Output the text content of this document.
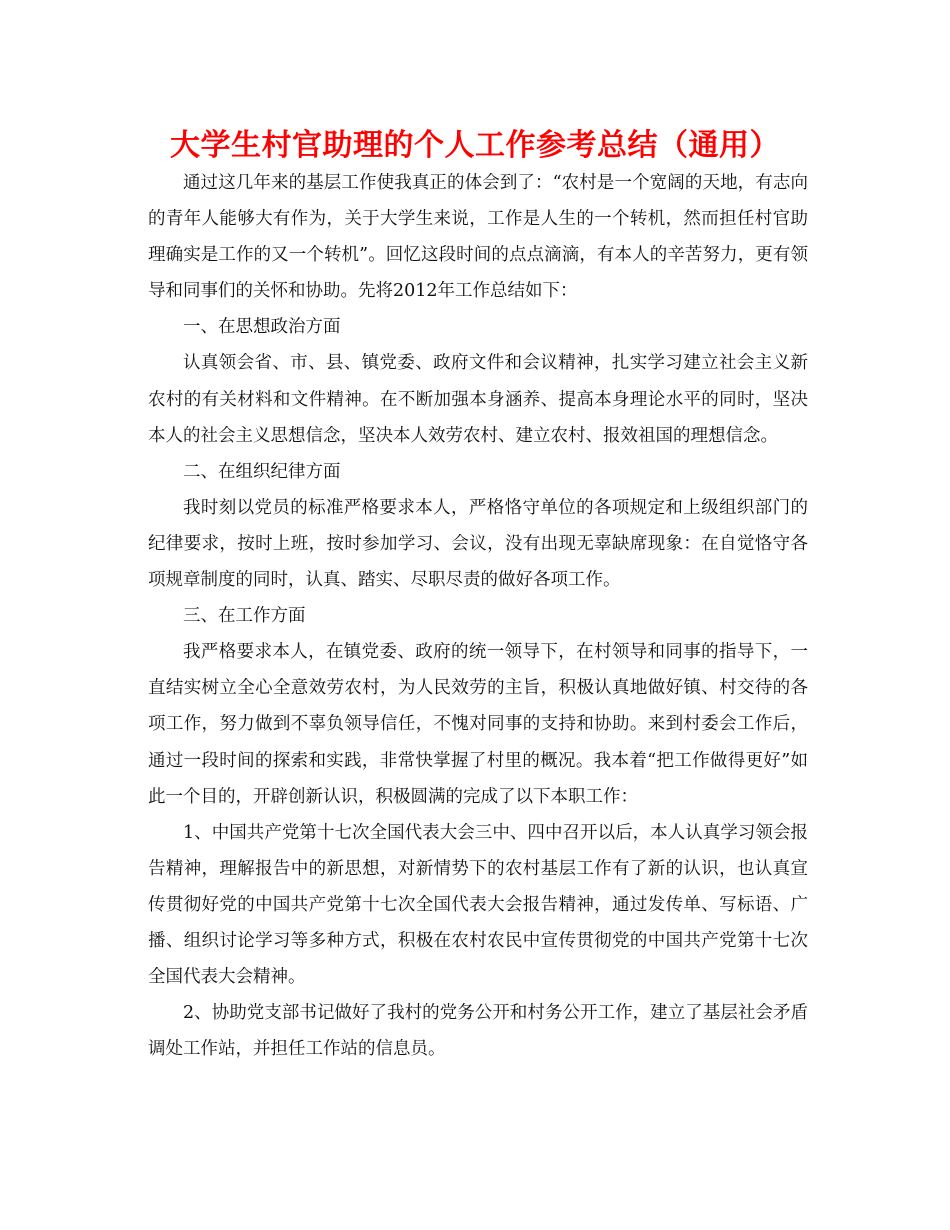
大学生村官助理的个人工作参考总结（通用）

通过这几年来的基层工作使我真正的体会到了：“农村是一个宽阔的天地，有志向的青年人能够大有作为，关于大学生来说，工作是人生的一个转机，然而担任村官助理确实是工作的又一个转机”。回忆这段时间的点点滴滴，有本人的辛苦努力，更有领导和同事们的关怀和协助。先将2012年工作总结如下：

一、在思想政治方面

认真领会省、市、县、镇党委、政府文件和会议精神，扎实学习建立社会主义新农村的有关材料和文件精神。在不断加强本身涵养、提高本身理论水平的同时，坚决本人的社会主义思想信念，坚决本人效劳农村、建立农村、报效祖国的理想信念。

二、在组织纪律方面

我时刻以党员的标准严格要求本人，严格恪守单位的各项规定和上级组织部门的纪律要求，按时上班，按时参加学习、会议，没有出现无辜缺席现象：在自觉恪守各项规章制度的同时，认真、踏实、尽职尽责的做好各项工作。

三、在工作方面

我严格要求本人，在镇党委、政府的统一领导下，在村领导和同事的指导下，一直结实树立全心全意效劳农村，为人民效劳的主旨，积极认真地做好镇、村交待的各项工作，努力做到不辜负领导信任，不愧对同事的支持和协助。来到村委会工作后，通过一段时间的探索和实践，非常快掌握了村里的概况。我本着“把工作做得更好”如此一个目的，开辟创新认识，积极圆满的完成了以下本职工作：

1、中国共产党第十七次全国代表大会三中、四中召开以后，本人认真学习领会报告精神，理解报告中的新思想，对新情势下的农村基层工作有了新的认识，也认真宣传贯彻好党的中国共产党第十七次全国代表大会报告精神，通过发传单、写标语、广播、组织讨论学习等多种方式，积极在农村农民中宣传贯彻党的中国共产党第十七次全国代表大会精神。

2、协助党支部书记做好了我村的党务公开和村务公开工作，建立了基层社会矛盾调处工作站，并担任工作站的信息员。
